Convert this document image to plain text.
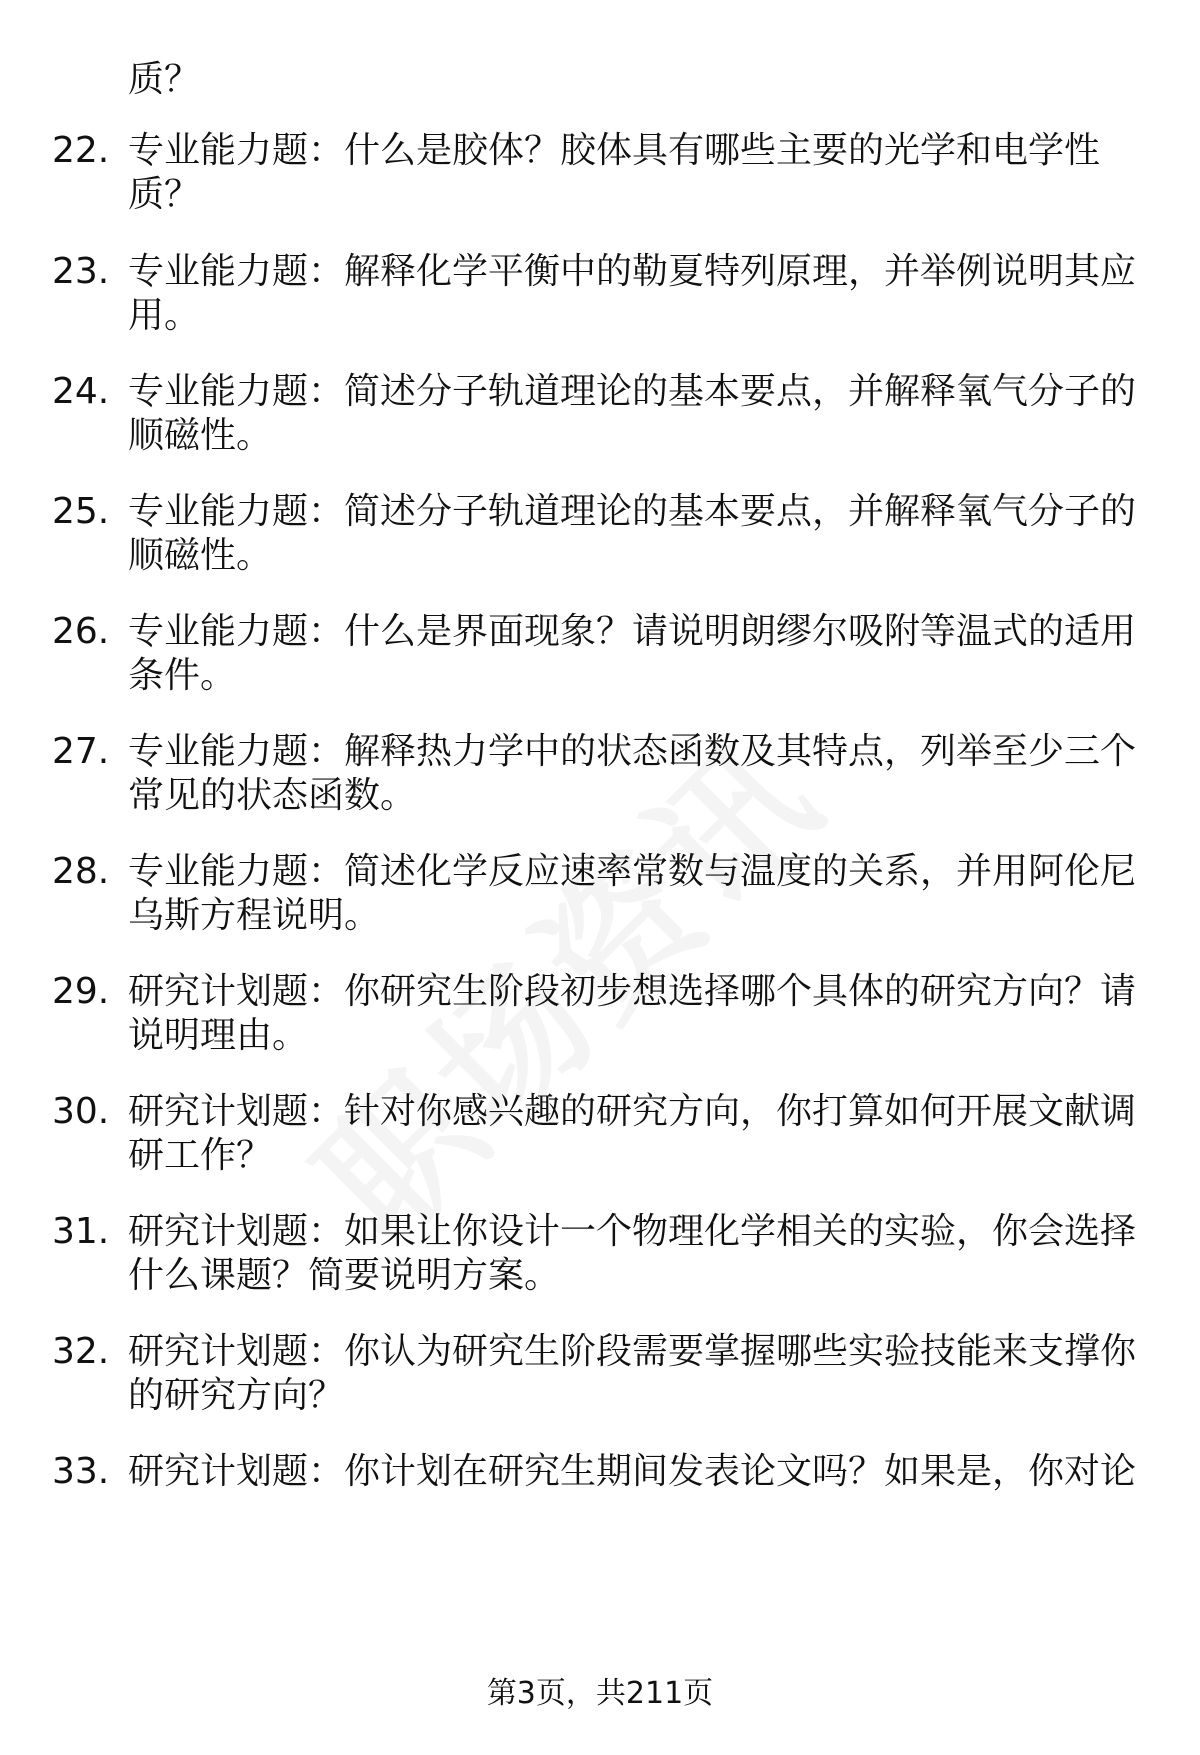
质？
22. 专业能力题：什么是胶体？胶体具有哪些主要的光学和电学性
质？
23. 专业能力题：解释化学平衡中的勒夏特列原理，并举例说明其应
用。
24. 专业能力题：简述分子轨道理论的基本要点，并解释氧气分子的
顺磁性。
25. 专业能力题：简述分子轨道理论的基本要点，并解释氧气分子的
顺磁性。
26. 专业能力题：什么是界面现象？请说明朗缪尔吸附等温式的适用
条件。
27. 专业能力题：解释热力学中的状态函数及其特点，列举至少三个
常见的状态函数。
28. 专业能力题：简述化学反应速率常数与温度的关系，并用阿伦尼
乌斯方程说明。
29. 研究计划题：你研究生阶段初步想选择哪个具体的研究方向？请
说明理由。
30. 研究计划题：针对你感兴趣的研究方向，你打算如何开展文献调
研工作？
31. 研究计划题：如果让你设计一个物理化学相关的实验，你会选择
什么课题？简要说明方案。
32. 研究计划题：你认为研究生阶段需要掌握哪些实验技能来支撑你
的研究方向？
33. 研究计划题：你计划在研究生期间发表论文吗？如果是，你对论
第3页，共211页
